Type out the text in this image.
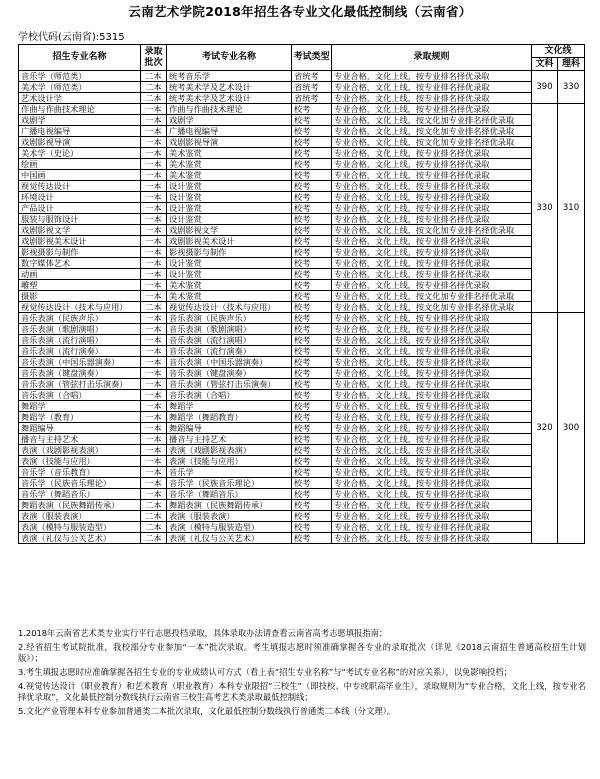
云南艺术学院2018年招生各专业文化最低控制线（云南省）
学校代码(云南省):5315
招生专业名称	录取批次	考试专业名称	考试类型	录取规则	文化线	
					文科	理科
音乐学（师范类）	二本	统考音乐学	省统考	专业合格，文化上线，按专业排名择优录取	390	330
美术学（师范类）	二本	统考美术学及艺术设计	省统考	专业合格，文化上线，按专业排名择优录取		
艺术设计学	二本	统考美术学及艺术设计	省统考	专业合格，文化上线，按专业排名择优录取		
作曲与作曲技术理论	一本	作曲与作曲技术理论	校考	专业合格，文化上线，按专业排名择优录取	330	310
戏剧学	一本	戏剧学	校考	专业合格，文化上线，按文化加专业排名择优录取		
广播电视编导	一本	广播电视编导	校考	专业合格，文化上线，按文化加专业排名择优录取		
戏剧影视导演	一本	戏剧影视导演	校考	专业合格，文化上线，按文化加专业排名择优录取		
美术学（史论）	一本	美术鉴赏	校考	专业合格，文化上线，按专业排名择优录取		
绘画	一本	美术鉴赏	校考	专业合格，文化上线，按专业排名择优录取		
中国画	一本	美术鉴赏	校考	专业合格，文化上线，按专业排名择优录取		
视觉传达设计	一本	设计鉴赏	校考	专业合格，文化上线，按专业排名择优录取		
环境设计	一本	设计鉴赏	校考	专业合格，文化上线，按专业排名择优录取		
产品设计	一本	设计鉴赏	校考	专业合格，文化上线，按专业排名择优录取		
服装与服饰设计	一本	设计鉴赏	校考	专业合格，文化上线，按专业排名择优录取		
戏剧影视文学	一本	戏剧影视文学	校考	专业合格，文化上线，按文化加专业排名择优录取		
戏剧影视美术设计	一本	戏剧影视美术设计	校考	专业合格，文化上线，按专业排名择优录取		
影视摄影与制作	一本	影视摄影与制作	校考	专业合格，文化上线，按专业排名择优录取		
数字媒体艺术	一本	设计鉴赏	校考	专业合格，文化上线，按专业排名择优录取		
动画	一本	设计鉴赏	校考	专业合格，文化上线，按专业排名择优录取		
雕塑	一本	美术鉴赏	校考	专业合格，文化上线，按专业排名择优录取		
摄影	一本	美术鉴赏	校考	专业合格，文化上线，按文化加专业排名择优录取		
视觉传达设计（技术与应用）	二本	视觉传达设计（技术与应用）	校考	专业合格，文化上线，按文化加专业排名择优录取		
音乐表演（民族声乐）	一本	音乐表演（民族声乐）	校考	专业合格，文化上线，按专业排名择优录取	320	300
音乐表演（歌剧演唱）	一本	音乐表演（歌剧演唱）	校考	专业合格，文化上线，按专业排名择优录取		
音乐表演（流行演唱）	一本	音乐表演（流行演唱）	校考	专业合格，文化上线，按专业排名择优录取		
音乐表演（流行演奏）	一本	音乐表演（流行演奏）	校考	专业合格，文化上线，按专业排名择优录取		
音乐表演（中国乐器演奏）	一本	音乐表演（中国乐器演奏）	校考	专业合格，文化上线，按专业排名择优录取		
音乐表演（键盘演奏）	一本	音乐表演（键盘演奏）	校考	专业合格，文化上线，按专业排名择优录取		
音乐表演（管弦打击乐演奏）	一本	音乐表演（管弦打击乐演奏）	校考	专业合格，文化上线，按专业排名择优录取		
音乐表演（合唱）	一本	音乐表演（合唱）	校考	专业合格，文化上线，按专业排名择优录取		
舞蹈学	一本	舞蹈学	校考	专业合格，文化上线，按专业排名择优录取		
舞蹈学（教育）	一本	舞蹈学（舞蹈教育）	校考	专业合格，文化上线，按专业排名择优录取		
舞蹈编导	一本	舞蹈编导	校考	专业合格，文化上线，按专业排名择优录取		
播音与主持艺术	一本	播音与主持艺术	校考	专业合格，文化上线，按专业排名择优录取		
表演（戏剧影视表演）	一本	表演（戏剧影视表演）	校考	专业合格，文化上线，按专业排名择优录取		
表演（技能与应用）	一本	表演（技能与应用）	校考	专业合格，文化上线，按专业排名择优录取		
音乐学（音乐教育）	一本	音乐学	校考	专业合格，文化上线，按专业排名择优录取		
音乐学（民族音乐理论）	一本	音乐学（民族音乐理论）	校考	专业合格，文化上线，按专业排名择优录取		
音乐学（舞蹈音乐）	一本	音乐学（舞蹈音乐）	校考	专业合格，文化上线，按专业排名择优录取		
舞蹈表演（民族舞蹈传承）	二本	舞蹈表演（民族舞蹈传承）	校考	专业合格，文化上线，按专业排名择优录取		
表演（服装表演）	二本	表演（服装表演）	校考	专业合格，文化上线，按专业排名择优录取		
表演（模特与服装造型）	二本	表演（模特与服装造型）	校考	专业合格，文化上线，按专业排名择优录取		
表演（礼仪与公关艺术）	二本	表演（礼仪与公关艺术）	校考	专业合格，文化上线，按专业排名择优录取		

1.2018年云南省艺术类专业实行平行志愿投档录取，具体录取办法请查看云南省高考志愿填报指南；

2.经省招生考试院批准，我校部分专业参加“一本”批次录取。考生填报志愿时须准确掌握各专业的录取批次（详见《2018云南招生普通高校招生计划版》）；

3.考生填报志愿时应准确掌握各招生专业的专业成绩认可方式（看上表“招生专业名称”与“考试专业名称”的对应关系），以免影响投档；

4.视觉传达设计（职业教育）和艺术教育（职业教育）本科专业限招“三校生”（即技校、中专或职高毕业生），录取规则为“专业合格，文化上线，按专业名择优录取”，文化最低控制分数线执行云南省三校生高考艺术类录取最低控制线；

5.文化产业管理本科专业参加普通类二本批次录取，文化最低控制分数线执行普通类二本线（分文理）。
